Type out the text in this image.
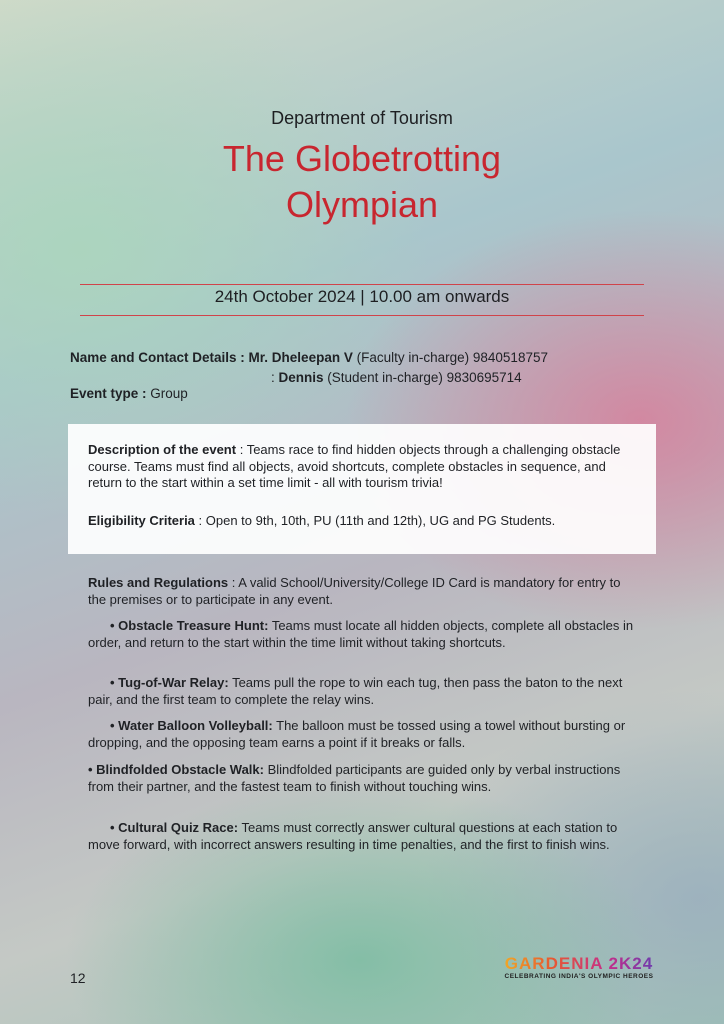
Department of Tourism
The Globetrotting
Olympian
24th October 2024 | 10.00 am onwards
Name and Contact Details : Mr. Dheleepan V (Faculty in-charge) 9840518757
: Dennis (Student in-charge) 9830695714
Event type : Group

Description of the event : Teams race to find hidden objects through a challenging obstacle course. Teams must find all objects, avoid shortcuts, complete obstacles in sequence, and return to the start within a set time limit - all with tourism trivia!

Eligibility Criteria : Open to 9th, 10th, PU (11th and 12th), UG and PG Students.

Rules and Regulations : A valid School/University/College ID Card is mandatory for entry to the premises or to participate in any event.

• Obstacle Treasure Hunt: Teams must locate all hidden objects, complete all obstacles in order, and return to the start within the time limit without taking shortcuts.

• Tug-of-War Relay: Teams pull the rope to win each tug, then pass the baton to the next pair, and the first team to complete the relay wins.

• Water Balloon Volleyball: The balloon must be tossed using a towel without bursting or dropping, and the opposing team earns a point if it breaks or falls.

• Blindfolded Obstacle Walk: Blindfolded participants are guided only by verbal instructions from their partner, and the fastest team to finish without touching wins.

• Cultural Quiz Race: Teams must correctly answer cultural questions at each station to move forward, with incorrect answers resulting in time penalties, and the first to finish wins.

12
GARDENIA 2K24
CELEBRATING INDIA'S OLYMPIC HEROES
